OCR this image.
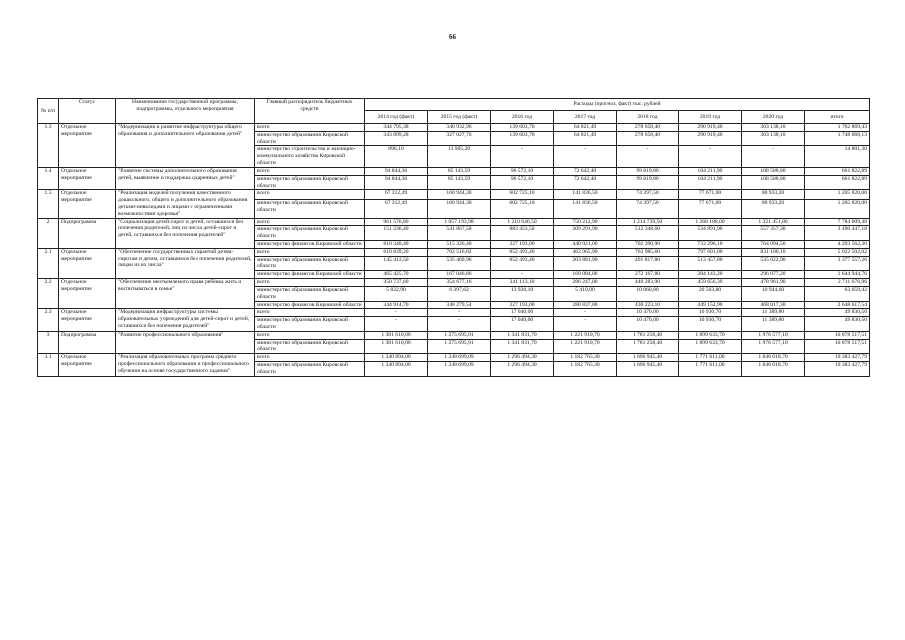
66
№ п/п	Статус	Наименование государственной программы, подпрограммы, отдельного мероприятия	Главный распорядитель бюджетных средств	Расходы (прогноз, факт) тыс. рублей							
				2014 год (факт)	2015 год (факт)	2016 год	2017 год	2018 год	2019 год	2020 год	итого
1.3	Отдельное мероприятие	"Модернизация и развитие инфраструктуры общего образования и дополнительного образования детей"	всего	344 795,38	340 932,96	139 603,70	64 821,49	278 658,40	290 919,40	303 138,10	1 762 869,43
			министерство образования Кировской области	343 899,28	327 027,76	139 603,70	64 821,49	278 658,40	290 919,40	303 138,10	1 748 068,13
			министерство строительства и жилищно-коммунального хозяйства Кировской области	896,10	13 905,20	-	-	-	-	-	14 801,30
1.4	Отдельное мероприятие	"Развитие системы дополнительного образования детей, выявление и поддержка одаренных детей"	всего	94 844,30	85 143,59	96 572,10	72 642,40	99 819,80	104 211,90	108 588,80	661 822,89
			министерство образования Кировской области	94 844,30	85 143,59	96 572,10	72 642,40	99 819,80	104 211,90	108 588,80	661 822,89
1.5	Отдельное мероприятие	"Реализация моделей получения качественного дошкольного, общего и дополнительного образования детьми-инвалидами и лицами с ограниченными возможностями здоровья"	всего	67 312,49	160 944,30	602 725,10	141 836,50	74 397,50	77 671,00	80 933,20	1 205 820,00
			министерство образования Кировской области	67 312,49	160 944,30	602 725,10	141 836,50	74 397,50	77 671,00	80 933,20	1 205 820,00
2	Подпрограмма	"Социализация детей-сирот и детей, оставшихся без попечения родителей, лиц из числа детей-сирот и детей, оставшихся без попечения родителей"	всего	961 576,80	1 057 193,98	1 210 646,50	750 212,90	1 214 739,50	1 268 188,00	1 321 451,80	7 784 009,48
			министерство образования Кировской области	151 236,40	541 867,58	883 453,50	309 291,90	512 348,60	534 891,90	557 357,30	3 490 447,18
			министерство финансов Кировской области	810 340,40	515 326,40	327 193,00	440 921,00	702 390,90	733 296,10	764 094,50	4 293 562,30
2.1	Отдельное мероприятие	"Обеспечение государственных гарантий детям-сиротам и детям, оставшимся без попечения родителей, лицам из их числа"	всего	610 839,20	702 516,82	852 493,40	463 965,90	763 985,60	797 601,00	831 100,10	5 022 502,02
			министерство образования Кировской области	145 413,50	535 469,96	852 493,40	303 881,90	491 817,80	513 457,80	535 022,90	3 377 557,26
			министерство финансов Кировской области	465 425,70	167 046,86	-	160 084,00	272 167,80	284 143,20	296 077,20	1 644 944,76
2.2	Отдельное мероприятие	"Обеспечение неотъемлемого права ребёнка жить и воспитываться в семье"	всего	350 737,60	354 677,16	341 113,10	286 247,00	440 283,90	459 656,30	478 961,90	2 711 676,96
			министерство образования Кировской области	5 822,90	6 397,62	13 920,10	5 410,00	10 060,80	20 503,80	10 944,60	63 059,42
			министерство финансов Кировской области	344 914,70	348 279,54	327 193,00	280 837,00	430 223,10	449 152,90	468 017,30	2 648 617,54
2.3	Отдельное мероприятие	"Модернизация инфраструктуры системы образовательных учреждений для детей-сирот и детей, оставшихся без попечения родителей"	всего	-	-	17 040,00	-	10 470,00	10 930,70	11 389,80	49 830,50
			министерство образования Кировской области	-	-	17 040,00	-	10 470,00	10 930,70	11 389,80	49 830,50
3	Подпрограмма	"Развитие профессионального образования"	всего	1 381 610,00	1 275 695,91	1 341 831,70	1 221 910,70	1 781 258,40	1 899 633,70	1 976 577,10	10 878 517,51
			министерство образования Кировской области	1 381 610,00	1 275 695,91	1 341 831,70	1 221 910,70	1 781 258,40	1 899 633,70	1 976 577,10	10 878 517,51
3.1	Отдельное мероприятие	"Реализация образовательных программ среднего профессионального образования и профессионального обучения на основе государственного задания"	всего	1 340 894,00	1 248 699,09	1 296 494,30	1 182 765,30	1 696 945,40	1 771 611,00	1 846 018,70	10 383 427,79
			министерство образования Кировской области	1 340 894,00	1 248 699,09	1 296 494,30	1 182 765,30	1 696 945,40	1 771 611,00	1 846 018,70	10 383 427,79
